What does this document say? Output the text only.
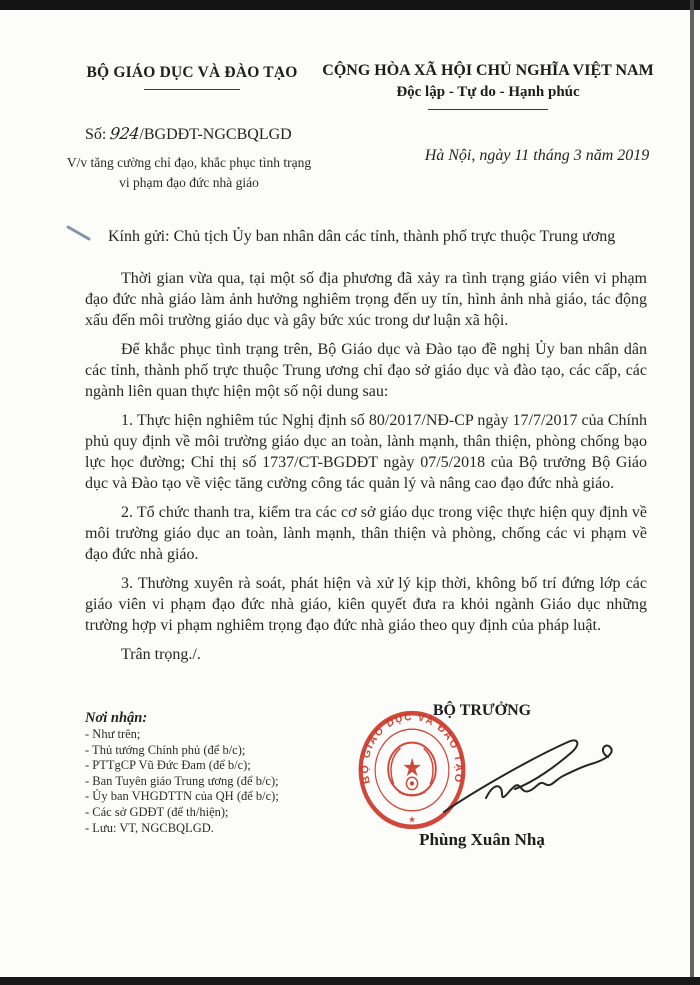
BỘ GIÁO DỤC VÀ ĐÀO TẠO	CỘNG HÒA XÃ HỘI CHỦ NGHĨA VIỆT NAM
Độc lập - Tự do - Hạnh phúc
Số: 924/BGDĐT-NGCBQLGD
V/v tăng cường chỉ đạo, khắc phục tình trạng vi phạm đạo đức nhà giáo
Hà Nội, ngày 11 tháng 3 năm 2019
Kính gửi: Chủ tịch Ủy ban nhân dân các tỉnh, thành phố trực thuộc Trung ương

Thời gian vừa qua, tại một số địa phương đã xảy ra tình trạng giáo viên vi phạm đạo đức nhà giáo làm ảnh hưởng nghiêm trọng đến uy tín, hình ảnh nhà giáo, tác động xấu đến môi trường giáo dục và gây bức xúc trong dư luận xã hội.

Để khắc phục tình trạng trên, Bộ Giáo dục và Đào tạo đề nghị Ủy ban nhân dân các tỉnh, thành phố trực thuộc Trung ương chỉ đạo sở giáo dục và đào tạo, các cấp, các ngành liên quan thực hiện một số nội dung sau:

1. Thực hiện nghiêm túc Nghị định số 80/2017/NĐ-CP ngày 17/7/2017 của Chính phủ quy định về môi trường giáo dục an toàn, lành mạnh, thân thiện, phòng chống bạo lực học đường; Chỉ thị số 1737/CT-BGDĐT ngày 07/5/2018 của Bộ trưởng Bộ Giáo dục và Đào tạo về việc tăng cường công tác quản lý và nâng cao đạo đức nhà giáo.

2. Tổ chức thanh tra, kiểm tra các cơ sở giáo dục trong việc thực hiện quy định về môi trường giáo dục an toàn, lành mạnh, thân thiện và phòng, chống các vi phạm về đạo đức nhà giáo.

3. Thường xuyên rà soát, phát hiện và xử lý kịp thời, không bố trí đứng lớp các giáo viên vi phạm đạo đức nhà giáo, kiên quyết đưa ra khỏi ngành Giáo dục những trường hợp vi phạm nghiêm trọng đạo đức nhà giáo theo quy định của pháp luật.

Trân trọng./.

Nơi nhận:
- Như trên;
- Thủ tướng Chính phủ (để b/c);
- PTTgCP Vũ Đức Đam (để b/c);
- Ban Tuyên giáo Trung ương (để b/c);
- Ủy ban VHGDTTN của QH (để b/c);
- Các sở GDĐT (để th/hiện);
- Lưu: VT, NGCBQLGD.
BỘ TRƯỞNG
★
BỘ GIÁO DỤC VÀ ĐÀO TẠO
★
Phùng Xuân Nhạ
